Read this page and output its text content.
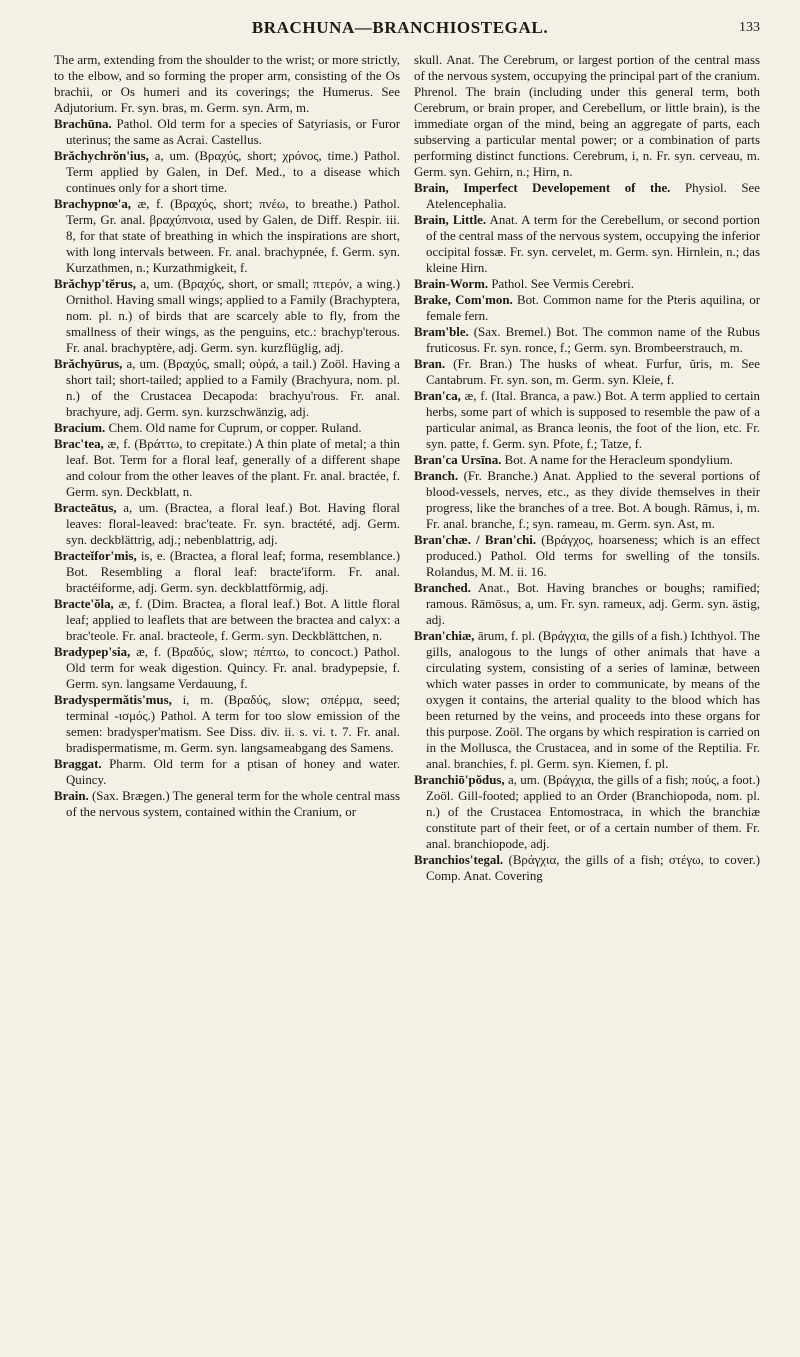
BRACHUNA—BRANCHIOSTEGAL.	133
The arm, extending from the shoulder to the wrist; or more strictly, to the elbow, and so forming the proper arm, consisting of the Os brachii, or Os humeri and its coverings; the Humerus. See Adjutorium. Fr. syn. bras, m. Germ. syn. Arm, m.
Brachūna. Pathol. Old term for a species of Satyriasis, or Furor uterinus; the same as Acrai. Castellus.
Brăchychrŏn'ius, a, um. (Βραχύς, short; χρόνος, time.) Pathol. Term applied by Galen, in Def. Med., to a disease which continues only for a short time.
Brachypnœ'a, æ, f. (Βραχύς, short; πνέω, to breathe.) Pathol. Term, Gr. anal. βραχύπνοια, used by Galen, de Diff. Respir. iii. 8, for that state of breathing in which the inspirations are short, with long intervals between. Fr. anal. brachypnée, f. Germ. syn. Kurzathmen, n.; Kurzathmigkeit, f.
Brăchyp'tĕrus, a, um. (Βραχύς, short, or small; πτερόν, a wing.) Ornithol. Having small wings; applied to a Family (Brachyptera, nom. pl. n.) of birds that are scarcely able to fly, from the smallness of their wings, as the penguins, etc.: brachyp'terous. Fr. anal. brachyptère, adj. Germ. syn. kurzflüglig, adj.
Brăchyūrus, a, um. (Βραχύς, small; οὐρά, a tail.) Zoöl. Having a short tail; short-tailed; applied to a Family (Brachyura, nom. pl. n.) of the Crustacea Decapoda: brachyu'rous. Fr. anal. brachyure, adj. Germ. syn. kurzschwänzig, adj.
Bracium. Chem. Old name for Cuprum, or copper. Ruland.
Brac'tea, æ, f. (Βράττω, to crepitate.) A thin plate of metal; a thin leaf. Bot. Term for a floral leaf, generally of a different shape and colour from the other leaves of the plant. Fr. anal. bractée, f. Germ. syn. Deckblatt, n.
Bracteātus, a, um. (Bractea, a floral leaf.) Bot. Having floral leaves: floral-leaved: brac'teate. Fr. syn. bractété, adj. Germ. syn. deckblättrig, adj.; nebenblattrig, adj.
Bracteĭfor'mis, is, e. (Bractea, a floral leaf; forma, resemblance.) Bot. Resembling a floral leaf: bracte'iform. Fr. anal. bractéiforme, adj. Germ. syn. deckblattförmig, adj.
Bracte'ŏla, æ, f. (Dim. Bractea, a floral leaf.) Bot. A little floral leaf; applied to leaflets that are between the bractea and calyx: a brac'teole. Fr. anal. bracteole, f. Germ. syn. Deckblättchen, n.
Bradypep'sia, æ, f. (Βραδύς, slow; πέπτω, to concoct.) Pathol. Old term for weak digestion. Quincy. Fr. anal. bradypepsie, f. Germ. syn. langsame Verdauung, f.
Bradyspermătis'mus, i, m. (Βραδύς, slow; σπέρμα, seed; terminal -ισμός.) Pathol. A term for too slow emission of the semen: bradysper'matism. See Diss. div. ii. s. vi. t. 7. Fr. anal. bradispermatisme, m. Germ. syn. langsameabgang des Samens.
Braggat. Pharm. Old term for a ptisan of honey and water. Quincy.
Brain. (Sax. Brægen.) The general term for the whole central mass of the nervous system, contained within the Cranium, or
skull. Anat. The Cerebrum, or largest portion of the central mass of the nervous system, occupying the principal part of the cranium. Phrenol. The brain (including under this general term, both Cerebrum, or brain proper, and Cerebellum, or little brain), is the immediate organ of the mind, being an aggregate of parts, each subserving a particular mental power; or a combination of parts performing distinct functions. Cerebrum, i, n. Fr. syn. cerveau, m. Germ. syn. Gehirn, n.; Hirn, n.
Brain, Imperfect Developement of the. Physiol. See Atelencephalia.
Brain, Little. Anat. A term for the Cerebellum, or second portion of the central mass of the nervous system, occupying the inferior occipital fossæ. Fr. syn. cervelet, m. Germ. syn. Hirnlein, n.; das kleine Hirn.
Brain-Worm. Pathol. See Vermis Cerebri.
Brake, Com'mon. Bot. Common name for the Pteris aquilina, or female fern.
Bram'ble. (Sax. Bremel.) Bot. The common name of the Rubus fruticosus. Fr. syn. ronce, f.; Germ. syn. Brombeerstrauch, m.
Bran. (Fr. Bran.) The husks of wheat. Furfur, ŭris, m. See Cantabrum. Fr. syn. son, m. Germ. syn. Kleie, f.
Bran'ca, æ, f. (Ital. Branca, a paw.) Bot. A term applied to certain herbs, some part of which is supposed to resemble the paw of a particular animal, as Branca leonis, the foot of the lion, etc. Fr. syn. patte, f. Germ. syn. Pfote, f.; Tatze, f.
Bran'ca Ursīna. Bot. A name for the Heracleum spondylium.
Branch. (Fr. Branche.) Anat. Applied to the several portions of blood-vessels, nerves, etc., as they divide themselves in their progress, like the branches of a tree. Bot. A bough. Rāmus, i, m. Fr. anal. branche, f.; syn. rameau, m. Germ. syn. Ast, m.
Bran'chæ. / Bran'chi. (Βράγχος, hoarseness; which is an effect produced.) Pathol. Old terms for swelling of the tonsils. Rolandus, M. M. ii. 16.
Branched. Anat., Bot. Having branches or boughs; ramified; ramous. Rāmōsus, a, um. Fr. syn. rameux, adj. Germ. syn. ästig, adj.
Bran'chiæ, ārum, f. pl. (Βράγχια, the gills of a fish.) Ichthyol. The gills, analogous to the lungs of other animals that have a circulating system, consisting of a series of laminæ, between which water passes in order to communicate, by means of the oxygen it contains, the arterial quality to the blood which has been returned by the veins, and proceeds into these organs for this purpose. Zoöl. The organs by which respiration is carried on in the Mollusca, the Crustacea, and in some of the Reptilia. Fr. anal. branchies, f. pl. Germ. syn. Kiemen, f. pl.
Branchiō'pŏdus, a, um. (Βράγχια, the gills of a fish; πούς, a foot.) Zoöl. Gill-footed; applied to an Order (Branchiopoda, nom. pl. n.) of the Crustacea Entomostraca, in which the branchiæ constitute part of their feet, or of a certain number of them. Fr. anal. branchiopode, adj.
Branchios'tegal. (Βράγχια, the gills of a fish; στέγω, to cover.) Comp. Anat. Covering
